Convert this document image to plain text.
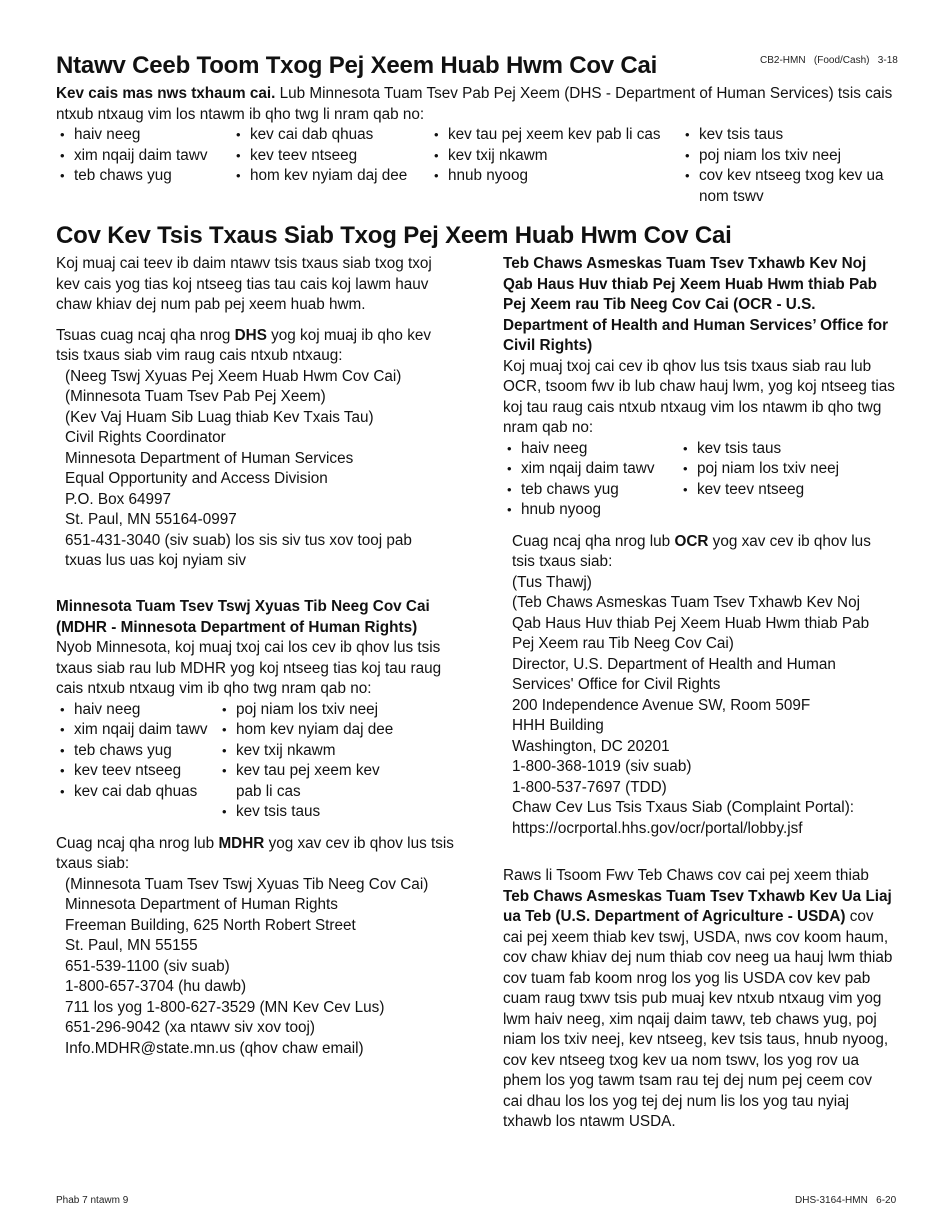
Ntawv Ceeb Toom Txog Pej Xeem Huab Hwm Cov Cai	CB2-HMN   (Food/Cash)   3-18

Kev cais mas nws txhaum cai. Lub Minnesota Tuam Tsev Pab Pej Xeem (DHS - Department of Human Services) tsis cais ntxub ntxaug vim los ntawm ib qho twg li nram qab no:

• haiv neeg
• xim nqaij daim tawv
• teb chaws yug
• kev cai dab qhuas
• kev teev ntseeg
• hom kev nyiam daj dee
• kev tau pej xeem kev pab li cas
• kev txij nkawm
• hnub nyoog
• kev tsis taus
• poj niam los txiv neej
• cov kev ntseeg txog kev ua nom tswv
Cov Kev Tsis Txaus Siab Txog Pej Xeem Huab Hwm Cov Cai

Koj muaj cai teev ib daim ntawv tsis txaus siab txog txoj kev cais yog tias koj ntseeg tias tau cais koj lawm hauv chaw khiav dej num pab pej xeem huab hwm.

Tsuas cuag ncaj qha nrog DHS yog koj muaj ib qho kev tsis txaus siab vim raug cais ntxub ntxaug:

(Neeg Tswj Xyuas Pej Xeem Huab Hwm Cov Cai)
(Minnesota Tuam Tsev Pab Pej Xeem)
(Kev Vaj Huam Sib Luag thiab Kev Txais Tau)
Civil Rights Coordinator
Minnesota Department of Human Services
Equal Opportunity and Access Division
P.O. Box 64997
St. Paul, MN 55164-0997
651-431-3040 (siv suab) los sis siv tus xov tooj pab
txuas lus uas koj nyiam siv

Minnesota Tuam Tsev Tswj Xyuas Tib Neeg Cov Cai (MDHR - Minnesota Department of Human Rights)

Nyob Minnesota, koj muaj txoj cai los cev ib qhov lus tsis txaus siab rau lub MDHR yog koj ntseeg tias koj tau raug cais ntxub ntxaug vim ib qho twg nram qab no:

• haiv neeg
• xim nqaij daim tawv
• teb chaws yug
• kev teev ntseeg
• kev cai dab qhuas
• poj niam los txiv neej
• hom kev nyiam daj dee
• kev txij nkawm
• kev tau pej xeem kev pab li cas
• kev tsis taus

Cuag ncaj qha nrog lub MDHR yog xav cev ib qhov lus tsis txaus siab:

(Minnesota Tuam Tsev Tswj Xyuas Tib Neeg Cov Cai)
Minnesota Department of Human Rights
Freeman Building, 625 North Robert Street
St. Paul, MN 55155
651-539-1100 (siv suab)
1-800-657-3704 (hu dawb)
711 los yog 1-800-627-3529 (MN Kev Cev Lus)
651-296-9042 (xa ntawv siv xov tooj)
Info.MDHR@state.mn.us (qhov chaw email)

Teb Chaws Asmeskas Tuam Tsev Txhawb Kev Noj Qab Haus Huv thiab Pej Xeem Huab Hwm thiab Pab Pej Xeem rau Tib Neeg Cov Cai (OCR - U.S. Department of Health and Human Services’ Office for Civil Rights)

Koj muaj txoj cai cev ib qhov lus tsis txaus siab rau lub OCR, tsoom fwv ib lub chaw hauj lwm, yog koj ntseeg tias koj tau raug cais ntxub ntxaug vim los ntawm ib qho twg nram qab no:

• haiv neeg
• xim nqaij daim tawv
• teb chaws yug
• hnub nyoog
• kev tsis taus
• poj niam los txiv neej
• kev teev ntseeg

Cuag ncaj qha nrog lub OCR yog xav cev ib qhov lus tsis txaus siab:

(Tus Thawj)
(Teb Chaws Asmeskas Tuam Tsev Txhawb Kev Noj
Qab Haus Huv thiab Pej Xeem Huab Hwm thiab Pab
Pej Xeem rau Tib Neeg Cov Cai)
Director, U.S. Department of Health and Human
Services' Office for Civil Rights
200 Independence Avenue SW, Room 509F
HHH Building
Washington, DC 20201
1-800-368-1019 (siv suab)
1-800-537-7697 (TDD)
Chaw Cev Lus Tsis Txaus Siab (Complaint Portal):
https://ocrportal.hhs.gov/ocr/portal/lobby.jsf

Raws li Tsoom Fwv Teb Chaws cov cai pej xeem thiab Teb Chaws Asmeskas Tuam Tsev Txhawb Kev Ua Liaj ua Teb (U.S. Department of Agriculture - USDA) cov cai pej xeem thiab kev tswj, USDA, nws cov koom haum, cov chaw khiav dej num thiab cov neeg ua hauj lwm thiab cov tuam fab koom nrog los yog lis USDA cov kev pab cuam raug txwv tsis pub muaj kev ntxub ntxaug vim yog lwm haiv neeg, xim nqaij daim tawv, teb chaws yug, poj niam los txiv neej, kev ntseeg, kev tsis taus, hnub nyoog, cov kev ntseeg txog kev ua nom tswv, los yog rov ua phem los yog tawm tsam rau tej dej num pej ceem cov cai dhau los los yog tej dej num lis los yog tau nyiaj txhawb los ntawm USDA.

Phab 7 ntawm 9	DHS-3164-HMN   6-20
